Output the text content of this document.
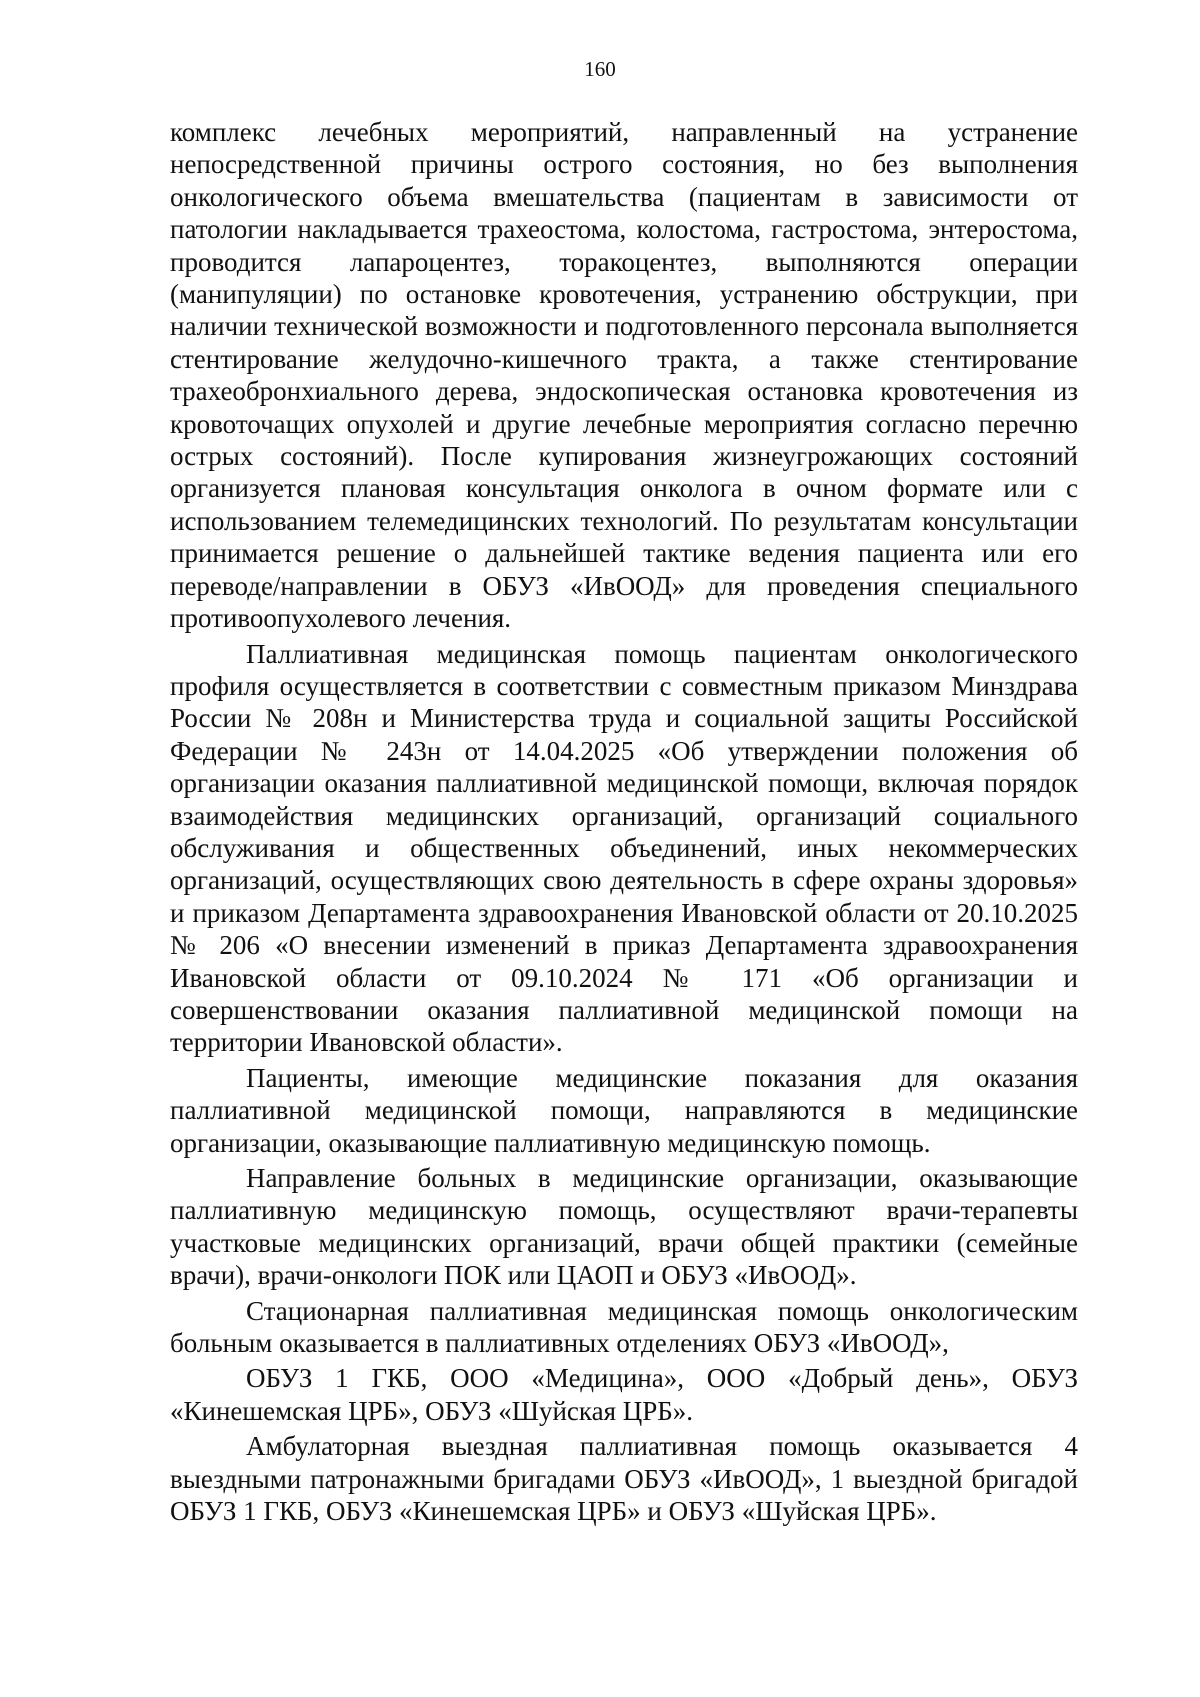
160

комплекс лечебных мероприятий, направленный на устранение непосредственной причины острого состояния, но без выполнения онкологического объема вмешательства (пациентам в зависимости от патологии накладывается трахеостома, колостома, гастростома, энтеростома, проводится лапароцентез, торакоцентез, выполняются операции (манипуляции) по остановке кровотечения, устранению обструкции, при наличии технической возможности и подготовленного персонала выполняется стентирование желудочно-кишечного тракта, а также стентирование трахеобронхиального дерева, эндоскопическая остановка кровотечения из кровоточащих опухолей и другие лечебные мероприятия согласно перечню острых состояний). После купирования жизнеугрожающих состояний организуется плановая консультация онколога в очном формате или с использованием телемедицинских технологий. По результатам консультации принимается решение о дальнейшей тактике ведения пациента или его переводе/направлении в ОБУЗ «ИвООД» для проведения специального противоопухолевого лечения.

Паллиативная медицинская помощь пациентам онкологического профиля осуществляется в соответствии с совместным приказом Минздрава России № 208н и Министерства труда и социальной защиты Российской Федерации № 243н от 14.04.2025 «Об утверждении положения об организации оказания паллиативной медицинской помощи, включая порядок взаимодействия медицинских организаций, организаций социального обслуживания и общественных объединений, иных некоммерческих организаций, осуществляющих свою деятельность в сфере охраны здоровья» и приказом Департамента здравоохранения Ивановской области от 20.10.2025 № 206 «О внесении изменений в приказ Департамента здравоохранения Ивановской области от 09.10.2024 № 171 «Об организации и совершенствовании оказания паллиативной медицинской помощи на территории Ивановской области».

Пациенты, имеющие медицинские показания для оказания паллиативной медицинской помощи, направляются в медицинские организации, оказывающие паллиативную медицинскую помощь.

Направление больных в медицинские организации, оказывающие паллиативную медицинскую помощь, осуществляют врачи-терапевты участковые медицинских организаций, врачи общей практики (семейные врачи), врачи-онкологи ПОК или ЦАОП и ОБУЗ «ИвООД».

Стационарная паллиативная медицинская помощь онкологическим больным оказывается в паллиативных отделениях ОБУЗ «ИвООД»,

ОБУЗ 1 ГКБ, ООО «Медицина», ООО «Добрый день», ОБУЗ «Кинешемская ЦРБ», ОБУЗ «Шуйская ЦРБ».

Амбулаторная выездная паллиативная помощь оказывается 4 выездными патронажными бригадами ОБУЗ «ИвООД», 1 выездной бригадой ОБУЗ 1 ГКБ, ОБУЗ «Кинешемская ЦРБ» и ОБУЗ «Шуйская ЦРБ».
